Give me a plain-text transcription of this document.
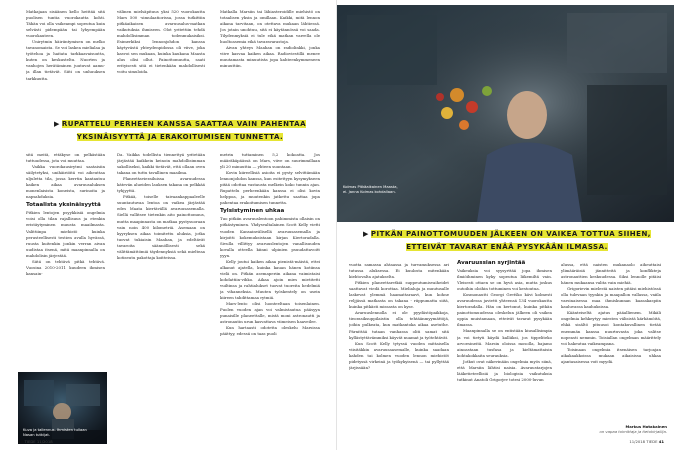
Matkajaan sisäänen kello heittää sitä puolisen tuntia vuorokautta kohti. Tähän voi olla vaikeampi sopeutua kuin selvästi pidempään tai lyhyempään vuorokauteen.

Unirytmin häiriintymisen on melko tavanomaista. Se voi laskea mielialaa ja työtehoa ja haitata tarkkaavaisuutta, kuten on keskusteltu. Nuorten ja vanhojen herätäminen juutuvat aamu- ja illan tietävät. Siiti on unhuuksen tarkkuutta.

välinen mielsäpituus yksi 520 vuorokautta Mars 500 -simulaatiorissa, jossa tutkittiin pitkäaikaisen avaruusalus-matkan vaikutuksia ihmiseen. Olot yritettiin tehdä mahdollisimman todenmukaisiksi. Esimerkiksi lennonjohdon kanssa käytyvästä yhteydenpidossa oli viive, joka kasvoi sen mukaan, kuinka kaukana Maasta alus olisi ollut. Painottomuutta, saati erityisesti sitä ei tietenkään mahdollisesti voitu simuloida.

Matkalla Marsiin tai lähiasteroidille miehistö on totaalisen yksin ja omillaan. Kaikki, mitä lennon aikana tarvitaan, on otettava mukaan lähtiessä. Jos jotain unohtuu, sitä ei käytännössä voi saada. Tilydenmyksiä ei tule eikä matkan varrella ole huoltoasemia eikä tavaravarastoja.

Aivan yhteys Maahan on radiolinkki, jonka viive kasvaa kaiken aikaa. Radioviestillä menee muutamasta minuutista jopa kahteenkymmeneen minuuttiin.

▶ RUPATTELU PERHEEN KANSSA SAATTAA VAIN PAHENTAA
YKSINÄISYYTTÄ JA ERAKOITUMISEN TUNNETTA.

sitä meitä, ettäkyse on pelkästään tuttuudessa, jota voi muuttaa.

Vaikka vuorokausirytmi saataisiin säilytetyksi, unihäiriöitä voi aiheuttaa uljuletta tila, jossa kerrtin kantautuu kaiken aikaa avaruusaluksen monenlaisista koneista, surinoita ja napsahduksia.

Totaalista yksinäisyyttä

Pitkien lentojen psyykkisiä ongelmia voisi olla tilan rajallisuus ja etenkin eristäytyminen muusta maailmasta. Valittiinpa miehistö kuinka perusteellisesti testien avulla hyvässä, ruusta kuitenkin jonkin verran aivan uudistaa itsenä, mitä maanpinnalla on mahdolisin järjestää.

Siitä on tehtävä pitkä tehtävä. Vuosina 2010-2011 kuudeen ihmisen kansain-

Da. Vaikka todellista tiennettyä yritetään järjästää kaikkein keinoin mahdollisimman sakolliseksi, kaikki tietävät, että ollaan oven takana on tuttu tavallinen maailma.

Planeettavierailuissa avaruudessa kätevän alueiden lauksen takana on pelkkää tyhjyyttä.

Pitkää, toiselle taivaankappaaleelle suuntautuvaa lentoa on vaikea järjästää edes Maata kiertävällä avaruusasemalla. Siellä vallitsee tietenkin aito painottomuus, mutta maapinnasta on matkaa pystysuoraan vain noin 400 kilometriä. Asemaan on kyyryksen aikaa toimitettu aluksia, jotka tuovat tukiaisin Maahan, ja edeltävät tavaroita säännöllisesti sekä välittämättömiä täydennyksiä sekä mielteaa kotiseutu pakottaja koitteissa.

metrin tuttaminen 5,2 kokoatta. Jos määräkäpäässä on Mars, viive on suurimmillaan yli 20 minuuttia — yhteen suuntaan.

Kovin kiireellisiä asioita ei pysty selvittämään lennonjohdon kanssa, kun esitettyyn kysymykseen pitää odottaa vastausta melkein koko tunnin ajan. Rupattelu perheenkään kanssa ei olisi kovin helppoa, ja muutenkin jatkettu saattaa jopa pahentaa erakoitumisen tunnetta.

Tylsistyminen uhkaa

Tuo pitkiin avaruuslentoon pahimmista ollaisin on pitkästyminen. Yhdysvaltalainen Scott Kelly vietti vuoden Kansainvälisellä avaruusasemalla ja kirjoitti kokemuksistaan kirjan Kiertoradalla. Sivulla villittyy avaruuslentojen vanallisuuden kovalla otteella kiinni ulpinien psuudattavoitt yyyn.

Kelly joutui kaiken aikaa pienistä-mäistä, ettei alkanut ajatella, kuinka kauan hänen kotiinsa vielä on. Pitkän asemaperiin aikana vaimistaisi kohdattiin-vihko. Aikaa ajoin mies mietitetti vuiltinsa ja rahtialukset tuovat tuoreita hedelmiä ja vihanneksia. Muuten työskentely on usein kiireen tahdittamaa rytmiä.

Mars-lento olisi luonteeltaan toisenlainen. Puolen vuoden ajan voi valmistautua pääsyyn punaisille planeettalle, mistä moni astronautti ja astronautin urun kasvattava viimeisen haaveilee.

Kun hartaasti odotetta oleskelu Marsissa päättyy, edessä on taas puoli

Kuva ja tallennus. Ihmisten tullaan Nasan tutkijat.
40 TIEDE 11/2018
Kolmas Pitkäaikainen Maasta, ei. Janna Kolmas kohdallaan.
▶ PITKÄN PAINOTTOMUUDEN JÄLKEEN ON VAIKEA TOTTUA SIIHEN,
ETTEIVÄT TAVARAT ENÄÄ PYSYKÄÄN ILMASSA.

vuotta samassa ahtaassa ja turvamuksessa ari tutussa aluksessa. Ei kuulosta mitenkään kiehtovalta ajatukselta.

Pitkien planeettaretkiä suppeutumisvaiheidet saattavat viedä korottaa. Mielialuja ja muutusalle laskevat ylemmä haamattaraavt, kun kohne reljjässä matkasta on takana - riippumatta siitä, kuinka pitkästi missasta on kyse.

Avaruuslennolla ei ole pyydästöpaikkoja, tieorasiksuppilaistin olla tehtäänmyymättöjä, joihin pulkeata, kun matkantoka aikaa asetuthe. Pärnittää tutaan vanhassa oliti samat sitä kyllästyttävämmiksi käyvät nuamat ja työtehtävät.

Kun Scott Kelly tytyssä vuoden mittaisella viisitäkkin avaruusaasemalle, kuinka saadaan kahden tai kolmen vuoden lennon miehistöt pidetyssä virkeinä ja työkykyisenä — tai pyllyttää järjissään?

Avaruussian syrjintää

Vaikeuksia voi syysyrttää jopa ihmisen ilmiöihminen kyky sopeutua liikemiltä vain. Yleisesti ottaen se on hyvä asia, mutta joskus outoihin oloihin tottuminen voi kestoutua.

Kosmonautti Georgi Gretško kävi kolmesti avaruudessa javietti yhteensä 134 vuorokautta kiertoradalla. Hän on kertonut, kuinka pitkän painottomuudessa oleskelun jälkeen oli vaikea oppia muistamaan, etteivät tavarat pysykään ilmassa.

Maanpinnalla se on entistään kiusallisimpia ja voi tietyti käydä kalliiksi, jos tippeliteko arvoesineitä. Marsin oloissa mosolla, bajamo ainoastaan tusfasa ja kieltämattaisin kohtakokkaita seurauksia.

Jotkut ovat näkevinään ongelmia myös siinä, että Marsiin lähtisi naisia. Avaruustarjojen lääketieteellisiä ja biologisia vaikutuksia tutkinut Anatoli Grigorjev totesi 2000-luvun

alussa, että naisten mukanaolo aiheuttaisi ylimääräisiä jännitteitä ja konflikteja astronauttien keskuudessa. Siksi lennolle pitäisi hänen mukaansa valita vain miehiä.

Grigorievin mielestä naisten pitäisi miehistössä olla tulevaan tyynkin ja maapallon vallassa, vaiila varsinaisessa maa ihmiskunnan kaasakaspiin kauluvassa kauhuksissa.

Käänteiseltä ajatus pääallienem. Mikäli ongelmia kehkeytyy miesten välisistä kärhämöitä, ehkä sisältö pituusoi kontakuvallinen tietää enemmän kanssa nuurtuvasta joka valitse nopeasti nemmin. Toisiallan ongelman määrittely voi hakeutua vaikeampana.

Toisinaan ongelmia itsenäisen tarjoajan aikakaakkoissa mukaan aikaisissa uhkaa ajantasaisessa voit myydä.

Markus Hotakainen
on vapaa toimittaja ja tietokirjailija.
11/2018 TIEDE 41
